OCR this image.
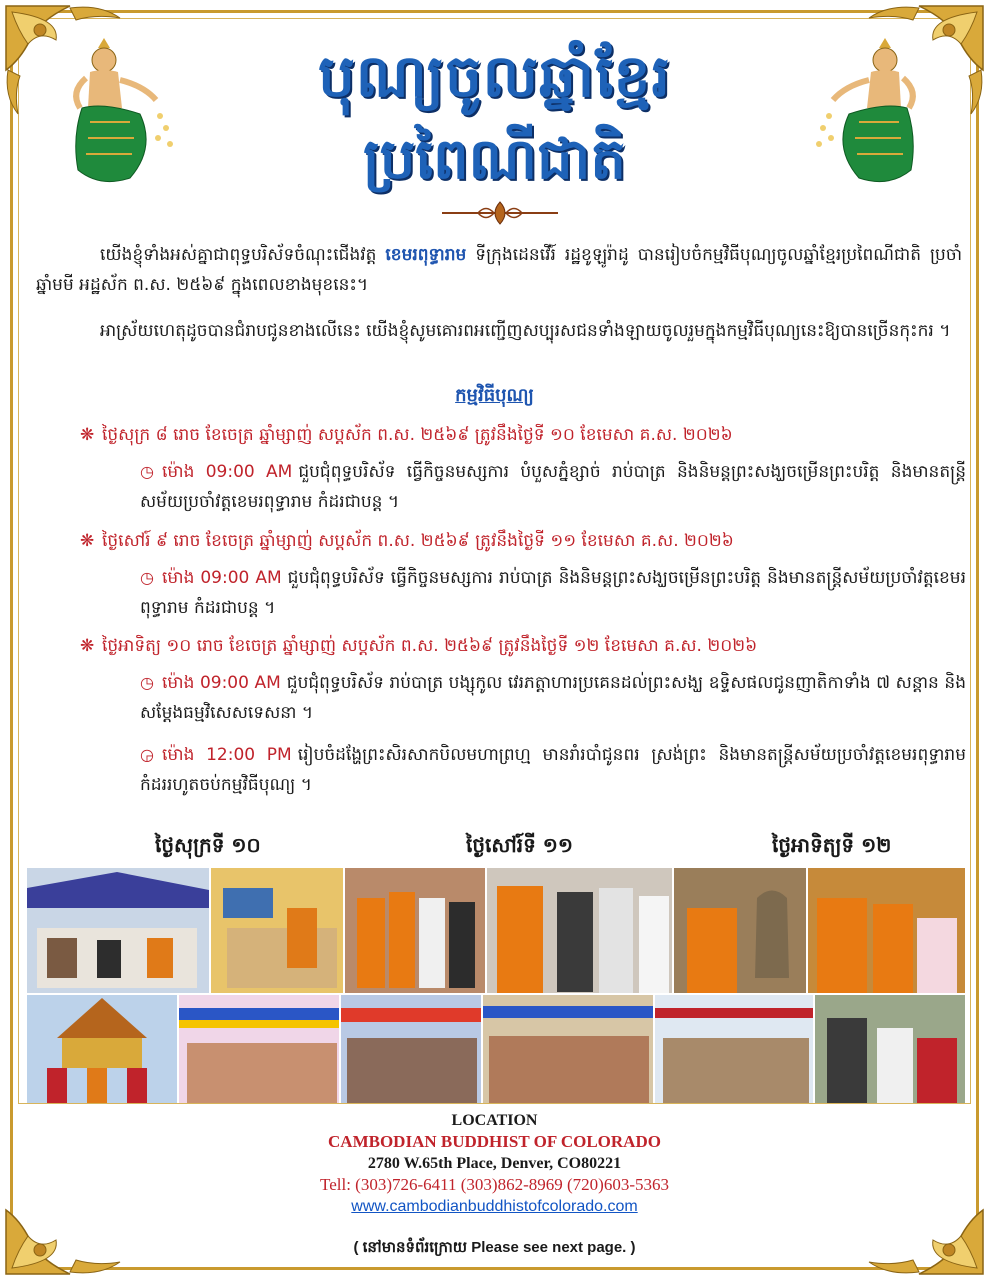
បុណ្យចូលឆ្នាំខ្មែរ
ប្រពៃណីជាតិ
យើងខ្ញុំទាំងអស់គ្នាជាពុទ្ធបរិស័ទចំណុះជើងវត្ត ខេមរពុទ្ធារាម ទីក្រុងដេនវើរ៍ រដ្ឋខូឡូរ៉ាដូ បានរៀបចំកម្មវិធីបុណ្យចូលឆ្នាំខ្មែរប្រពៃណីជាតិ ប្រចាំឆ្នាំមមី អដ្ឋស័ក ព.ស. ២៥៦៩ ក្នុងពេលខាងមុខនេះ។
អាស្រ័យហេតុដូចបានជំរាបជូនខាងលើនេះ យើងខ្ញុំសូមគោរពអញ្ជើញសប្បុរសជនទាំងឡាយចូលរួមក្នុងកម្មវិធីបុណ្យនេះឱ្យបានច្រើនកុះករ ។
កម្មវិធីបុណ្យ
❋ ថ្ងៃសុក្រ ៨ រោច ខែចេត្រ ឆ្នាំម្សាញ់ សប្តស័ក ព.ស. ២៥៦៩ ត្រូវនឹងថ្ងៃទី ១០ ខែមេសា គ.ស. ២០២៦
◷ ម៉ោង 09:00 AM ជួបជុំពុទ្ធបរិស័ទ ធ្វើកិច្ចនមស្សការ បំបួសភ្នំខ្សាច់ រាប់បាត្រ និងនិមន្តព្រះសង្ឃចម្រើនព្រះបរិត្ត និងមានតន្ត្រីសម័យប្រចាំវត្តខេមរពុទ្ធារាម កំដរជាបន្ត ។
❋ ថ្ងៃសៅរ៍ ៩ រោច ខែចេត្រ ឆ្នាំម្សាញ់ សប្តស័ក ព.ស. ២៥៦៩ ត្រូវនឹងថ្ងៃទី ១១ ខែមេសា គ.ស. ២០២៦
◷ ម៉ោង 09:00 AM ជួបជុំពុទ្ធបរិស័ទ ធ្វើកិច្ចនមស្សការ រាប់បាត្រ និងនិមន្តព្រះសង្ឃចម្រើនព្រះបរិត្ត និងមានតន្ត្រីសម័យប្រចាំវត្តខេមរពុទ្ធារាម កំដរជាបន្ត ។
❋ ថ្ងៃអាទិត្យ ១០ រោច ខែចេត្រ ឆ្នាំម្សាញ់ សប្តស័ក ព.ស. ២៥៦៩ ត្រូវនឹងថ្ងៃទី ១២ ខែមេសា គ.ស. ២០២៦
◷ ម៉ោង 09:00 AM ជួបជុំពុទ្ធបរិស័ទ រាប់បាត្រ បង្សុកូល វេរភត្តាហារប្រគេនដល់ព្រះសង្ឃ ឧទ្ទិសផលជូនញាតិកាទាំង ៧ សន្តាន និង សម្តែងធម្មវិសេសទេសនា ។
◶ ម៉ោង 12:00 PM រៀបចំដង្ហែព្រះសិរសាកបិលមហាព្រហ្ម មានរាំរបាំជូនពរ ស្រង់ព្រះ និងមានតន្ត្រីសម័យប្រចាំវត្តខេមរពុទ្ធារាម កំដររហូតចប់កម្មវិធីបុណ្យ ។
ថ្ងៃសុក្រទី ១០	ថ្ងៃសៅរ៍ទី ១១	ថ្ងៃអាទិត្យទី ១២
LOCATION
CAMBODIAN BUDDHIST OF COLORADO
2780 W.65th Place, Denver, CO80221
Tell: (303)726-6411 (303)862-8969 (720)603-5363
www.cambodianbuddhistofcolorado.com
( នៅមានទំព័រក្រោយ Please see next page. )
